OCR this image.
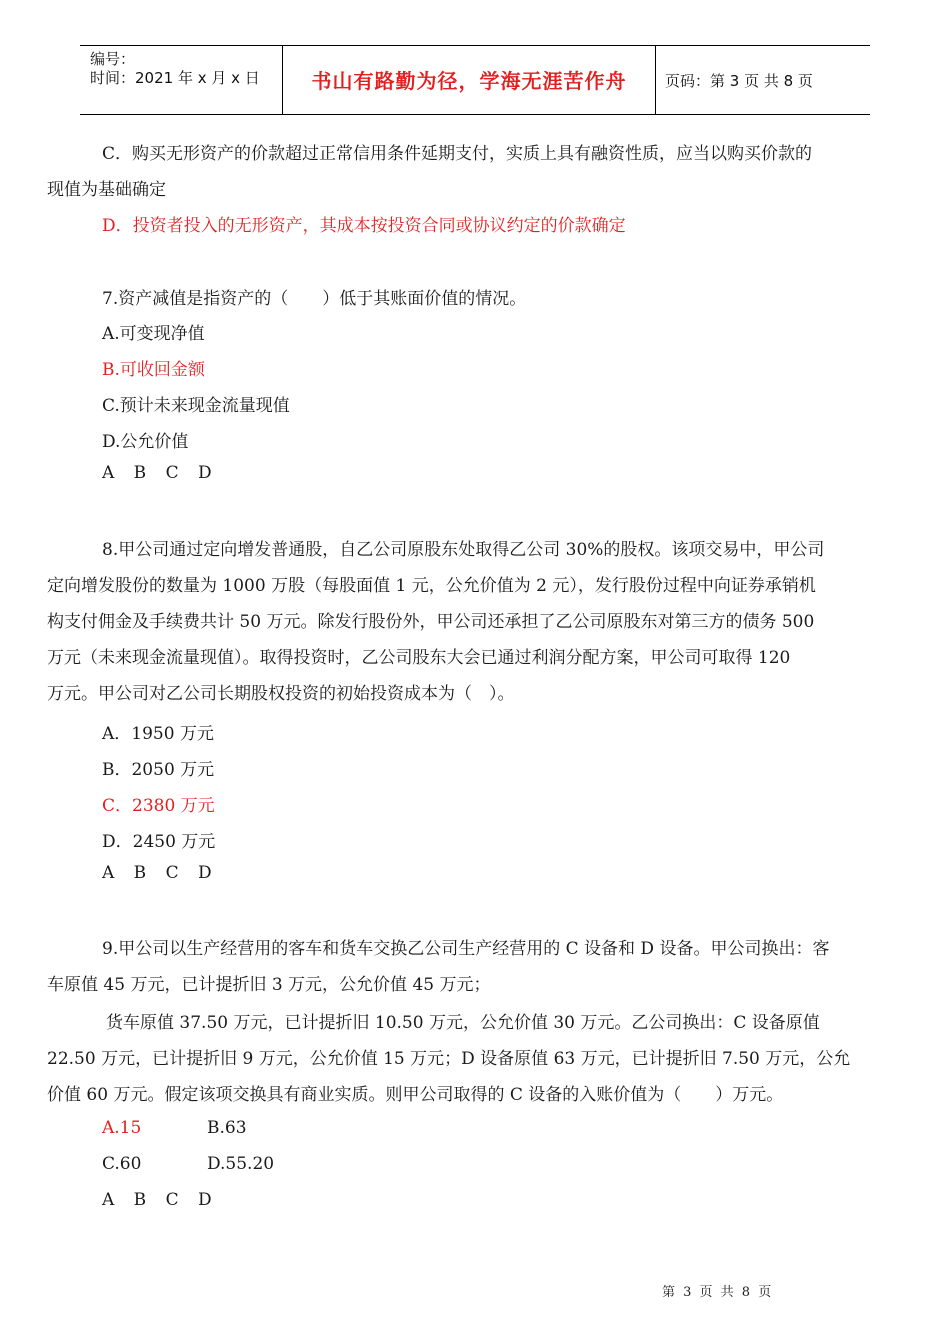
编号：
时间：2021 年 x 月 x 日	书山有路勤为径，学海无涯苦作舟	页码：第 3 页 共 8 页
C．购买无形资产的价款超过正常信用条件延期支付，实质上具有融资性质，应当以购买价款的
现值为基础确定
D．投资者投入的无形资产，其成本按投资合同或协议约定的价款确定
7.资产减值是指资产的（　　）低于其账面价值的情况。
A.可变现净值
B.可收回金额
C.预计未来现金流量现值
D.公允价值
A B C D
8.甲公司通过定向增发普通股，自乙公司原股东处取得乙公司 30%的股权。该项交易中，甲公司
定向增发股份的数量为 1000 万股（每股面值 1 元，公允价值为 2 元），发行股份过程中向证券承销机
构支付佣金及手续费共计 50 万元。除发行股份外，甲公司还承担了乙公司原股东对第三方的债务 500
万元（未来现金流量现值）。取得投资时，乙公司股东大会已通过利润分配方案，甲公司可取得 120
万元。甲公司对乙公司长期股权投资的初始投资成本为（　）。
A．1950 万元
B．2050 万元
C．2380 万元
D．2450 万元
A B C D
9.甲公司以生产经营用的客车和货车交换乙公司生产经营用的 C 设备和 D 设备。甲公司换出：客
车原值 45 万元，已计提折旧 3 万元，公允价值 45 万元；
货车原值 37.50 万元，已计提折旧 10.50 万元，公允价值 30 万元。乙公司换出：C 设备原值
22.50 万元，已计提折旧 9 万元，公允价值 15 万元；D 设备原值 63 万元，已计提折旧 7.50 万元，公允
价值 60 万元。假定该项交换具有商业实质。则甲公司取得的 C 设备的入账价值为（　　）万元。
A.15	B.63
C.60	D.55.20
A B C D
第 3 页 共 8 页
